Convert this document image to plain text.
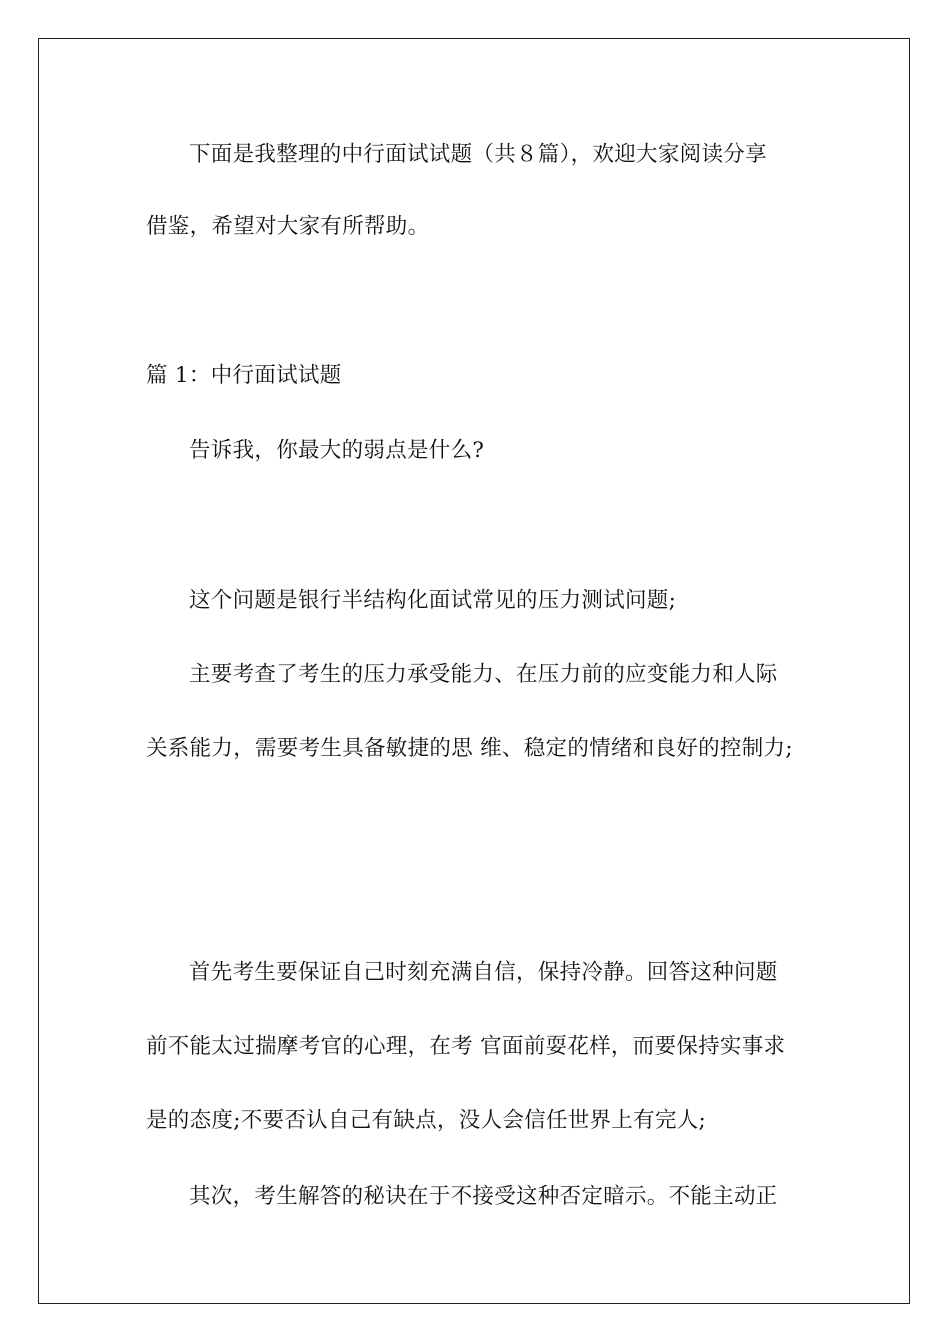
下面是我整理的中行面试试题（共８篇），欢迎大家阅读分享
借鉴，希望对大家有所帮助。
篇 1：中行面试试题
告诉我，你最大的弱点是什么?
这个问题是银行半结构化面试常见的压力测试问题;
主要考查了考生的压力承受能力、在压力前的应变能力和人际
关系能力，需要考生具备敏捷的思 维、稳定的情绪和良好的控制力;
首先考生要保证自己时刻充满自信，保持冷静。回答这种问题
前不能太过揣摩考官的心理，在考 官面前耍花样，而要保持实事求
是的态度;不要否认自己有缺点，没人会信任世界上有完人;
其次，考生解答的秘诀在于不接受这种否定暗示。不能主动正
